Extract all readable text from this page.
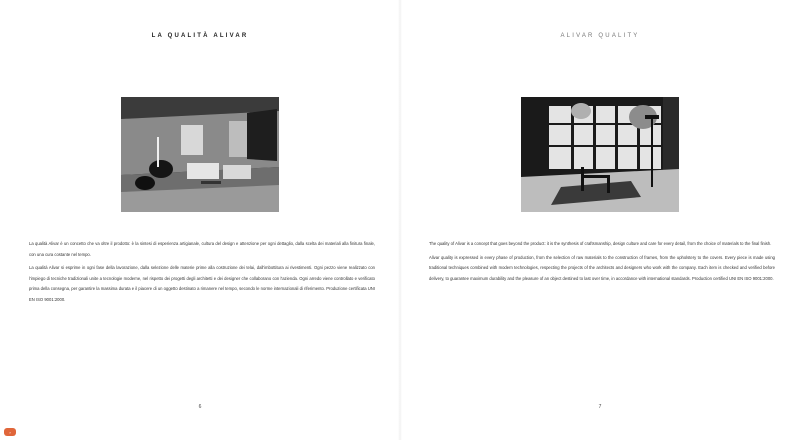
LA QUALITÀ ALIVAR

La qualità Alivar è un concetto che va oltre il prodotto: è la sintesi di esperienza artigianale, cultura del design e attenzione per ogni dettaglio, dalla scelta dei materiali alla finitura finale, con una cura costante nel tempo.

La qualità Alivar si esprime in ogni fase della lavorazione, dalla selezione delle materie prime alla costruzione dei telai, dall'imbottitura ai rivestimenti. Ogni pezzo viene realizzato con l'impiego di tecniche tradizionali unite a tecnologie moderne, nel rispetto dei progetti degli architetti e dei designer che collaborano con l'azienda. Ogni arredo viene controllato e verificato prima della consegna, per garantire la massima durata e il piacere di un oggetto destinato a rimanere nel tempo, secondo le norme internazionali di riferimento. Produzione certificata UNI EN ISO 9001:2000.

6
ALIVAR QUALITY

The quality of Alivar is a concept that goes beyond the product: it is the synthesis of craftsmanship, design culture and care for every detail, from the choice of materials to the final finish.

Alivar quality is expressed in every phase of production, from the selection of raw materials to the construction of frames, from the upholstery to the covers. Every piece is made using traditional techniques combined with modern technologies, respecting the projects of the architects and designers who work with the company. Each item is checked and verified before delivery, to guarantee maximum durability and the pleasure of an object destined to last over time, in accordance with international standards. Production certified UNI EN ISO 9001:2000.

7
›
